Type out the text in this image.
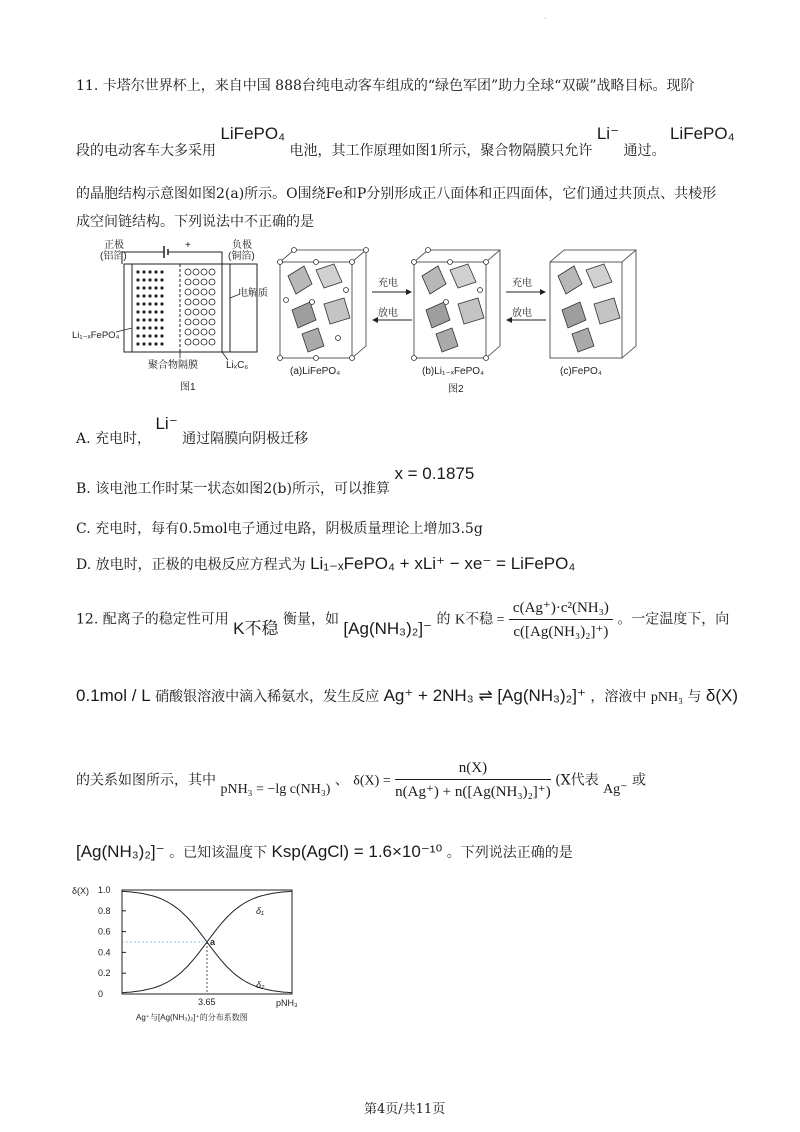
·
11. 卡塔尔世界杯上，来自中国 888台纯电动客车组成的“绿色军团”助力全球“双碳”战略目标。现阶
段的电动客车大多采用 LiFePO₄ 电池，其工作原理如图1所示，聚合物隔膜只允许 Li⁻ 通过。 LiFePO₄
的晶胞结构示意图如图2(a)所示。O围绕Fe和P分别形成正八面体和正四面体，它们通过共顶点、共棱形
成空间链结构。下列说法中不正确的是
正极
(铝箔)
负极
(铜箔)
+
电解质
Li₁₋ₓFePO₄
聚合物隔膜	LiₓC₆
图1
(a)LiFePO₄
充电
放电
(b)Li₁₋ₓFePO₄
充电
放电
(c)FePO₄
图2
A. 充电时， Li⁻ 通过隔膜向阴极迁移
B. 该电池工作时某一状态如图2(b)所示，可以推算 x = 0.1875
C. 充电时，每有0.5mol电子通过电路，阴极质量理论上增加3.5g
D. 放电时，正极的电极反应方程式为 Li₁₋ₓFePO₄ + xLi⁺ − xe⁻ = LiFePO₄
12. 配离子的稳定性可用 K不稳 衡量，如 [Ag(NH₃)₂]⁻ 的 K不稳 = $\frac{\text{c(Ag⁺)·c²(NH₃)}}{\text{c([Ag(NH₃)₂]⁺)}}$ 。一定温度下，向
0.1mol / L 硝酸银溶液中滴入稀氨水，发生反应 Ag⁺ + 2NH₃ ⇌ [Ag(NH₃)₂]⁺ ，溶液中 pNH₃ 与 δ(X)
的关系如图所示，其中 pNH₃ = −lg c(NH₃) 、 $\delta(X) = \frac{n(X)}{\text{n(Ag⁺) + n([Ag(NH₃)₂]⁺)}} (X$代表 Ag⁻ 或
[Ag(NH₃)₂]⁻ 。已知该温度下 Ksp(AgCl) = 1.6×10⁻¹⁰ 。下列说法正确的是
δ(X)
pNH₃
Ag⁺与[Ag(NH₃)₂]⁺的分布系数图
1.0
0.8
0.6
0.4
0.2
0
δ₁
δ₂
a
3.65
第4页/共11页
